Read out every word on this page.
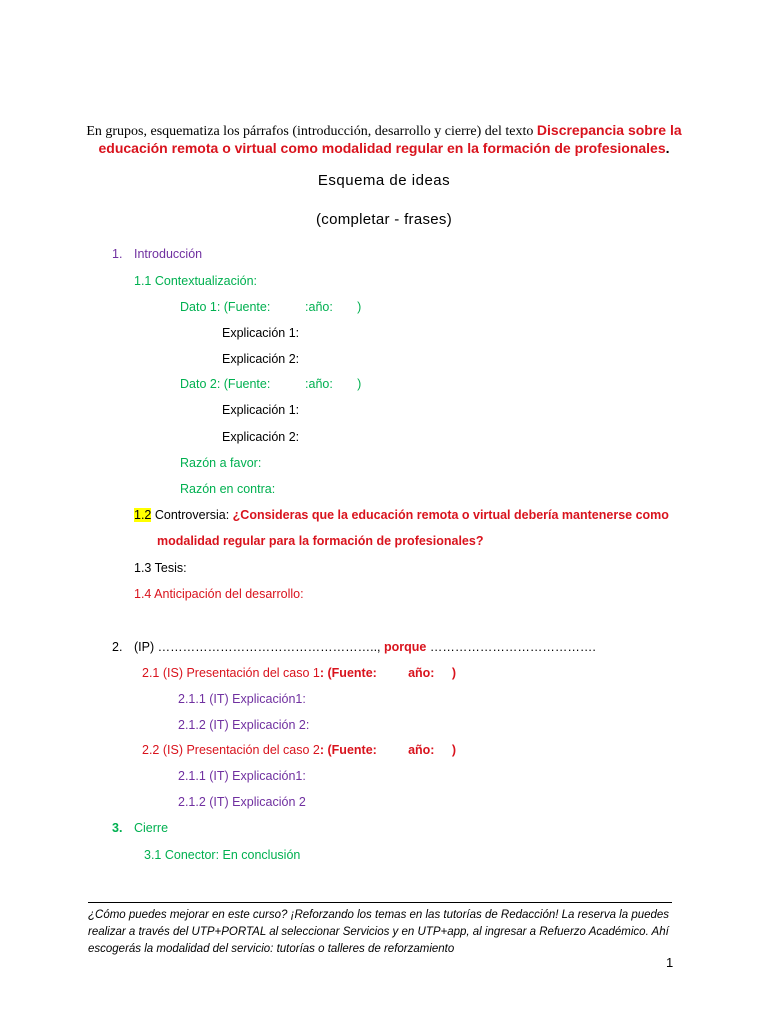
En grupos, esquematiza los párrafos (introducción, desarrollo y cierre) del texto Discrepancia sobre la
educación remota o virtual como modalidad regular en la formación de profesionales.
Esquema de ideas
(completar - frases)
1. Introducción
1.1 Contextualización:
Dato 1: (Fuente:          :año:       )
Explicación 1:
Explicación 2:
Dato 2: (Fuente:          :año:       )
Explicación 1:
Explicación 2:
Razón a favor:
Razón en contra:
1.2 Controversia: ¿Consideras que la educación remota o virtual debería mantenerse como
modalidad regular para la formación de profesionales?
1.3 Tesis:
1.4 Anticipación del desarrollo:
2. (IP) …………………………………………….., porque ………………………………….
2.1 (IS) Presentación del caso 1: (Fuente:         año:     )
2.1.1 (IT) Explicación1:
2.1.2 (IT) Explicación 2:
2.2 (IS) Presentación del caso 2: (Fuente:         año:     )
2.1.1 (IT) Explicación1:
2.1.2 (IT) Explicación 2
3. Cierre
3.1 Conector: En conclusión
¿Cómo puedes mejorar en este curso? ¡Reforzando los temas en las tutorías de Redacción! La reserva la puedes
realizar a través del UTP+PORTAL al seleccionar Servicios y en UTP+app, al ingresar a Refuerzo Académico. Ahí
escogerás la modalidad del servicio: tutorías o talleres de reforzamiento
1
